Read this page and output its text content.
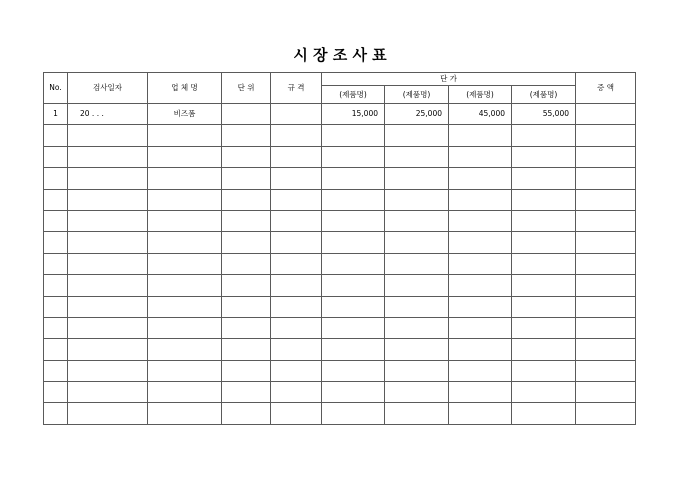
시 장 조 사 표
No.	검사일자	업 체 명	단 위	규 격	단 가				증 액
					(제품명)	(제품명)	(제품명)	(제품명)	
1	20 . . .	비즈폼			15,000	25,000	45,000	55,000	
